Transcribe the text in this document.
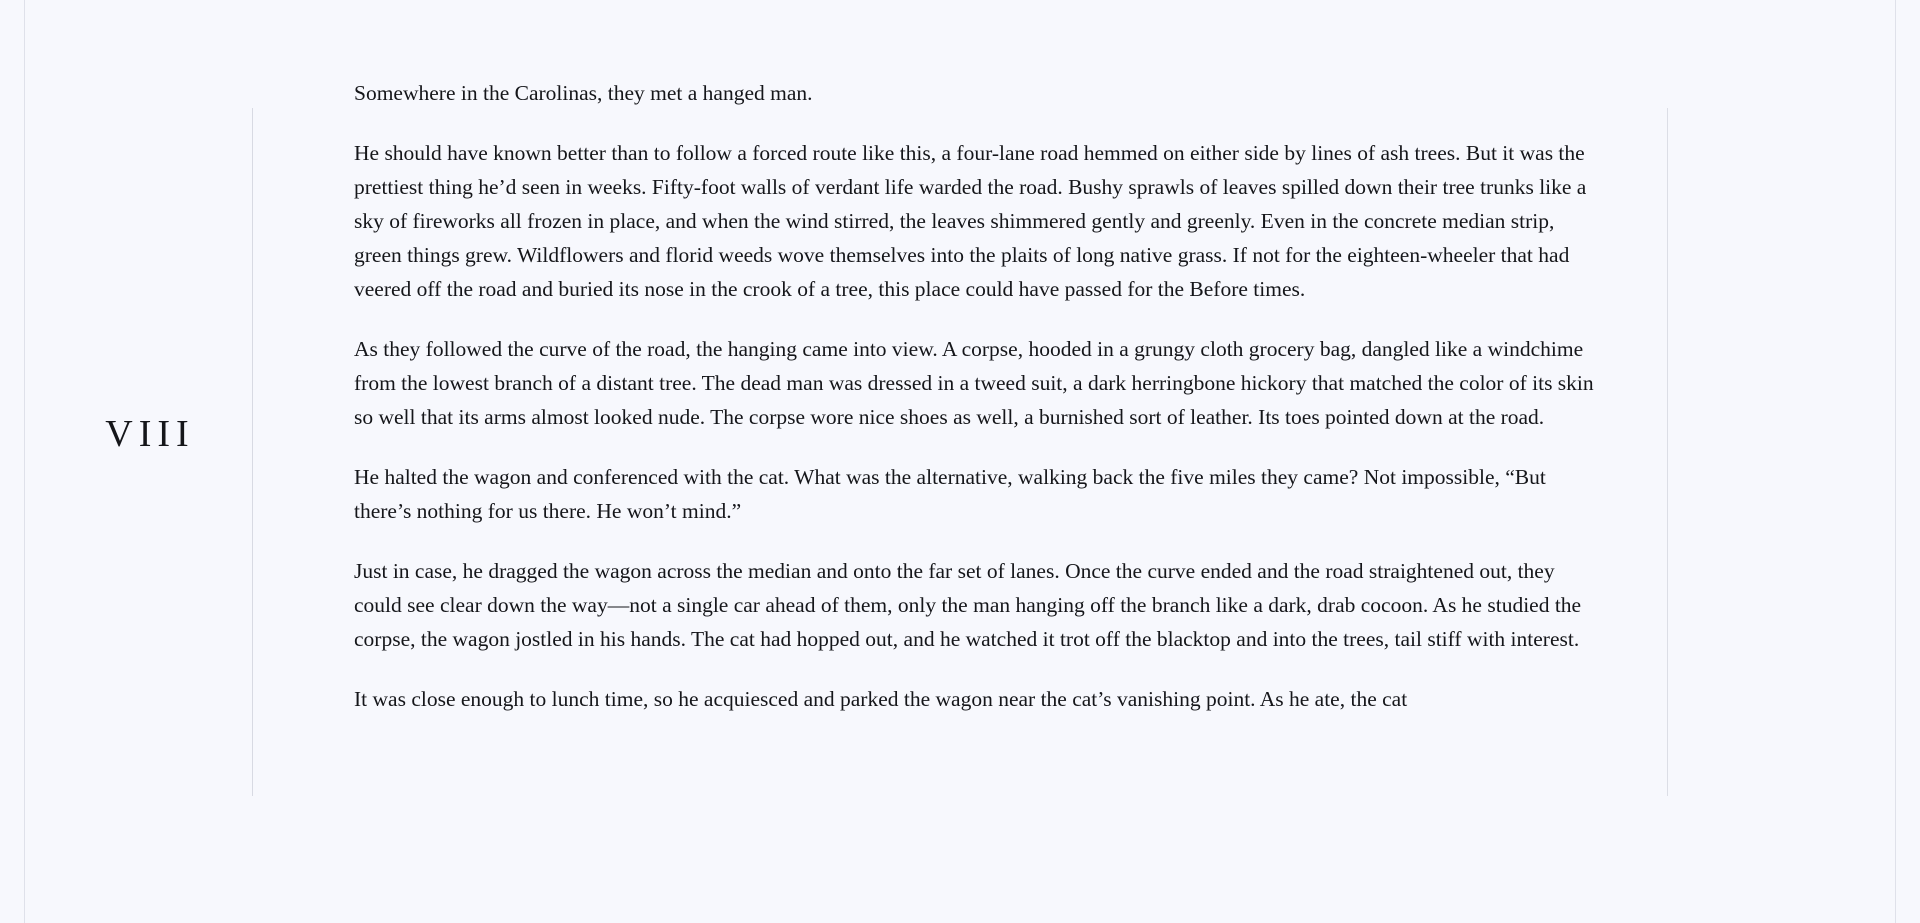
VIII

Somewhere in the Carolinas, they met a hanged man.

He should have known better than to follow a forced route like this, a four-lane road hemmed on either side by lines of ash trees. But it was the prettiest thing he’d seen in weeks. Fifty-foot walls of verdant life warded the road. Bushy sprawls of leaves spilled down their tree trunks like a sky of fireworks all frozen in place, and when the wind stirred, the leaves shimmered gently and greenly. Even in the concrete median strip, green things grew. Wildflowers and florid weeds wove themselves into the plaits of long native grass. If not for the eighteen-wheeler that had veered off the road and buried its nose in the crook of a tree, this place could have passed for the Before times.

As they followed the curve of the road, the hanging came into view. A corpse, hooded in a grungy cloth grocery bag, dangled like a windchime from the lowest branch of a distant tree. The dead man was dressed in a tweed suit, a dark herringbone hickory that matched the color of its skin so well that its arms almost looked nude. The corpse wore nice shoes as well, a burnished sort of leather. Its toes pointed down at the road.

He halted the wagon and conferenced with the cat. What was the alternative, walking back the five miles they came? Not impossible, “But there’s nothing for us there. He won’t mind.”

Just in case, he dragged the wagon across the median and onto the far set of lanes. Once the curve ended and the road straightened out, they could see clear down the way—not a single car ahead of them, only the man hanging off the branch like a dark, drab cocoon. As he studied the corpse, the wagon jostled in his hands. The cat had hopped out, and he watched it trot off the blacktop and into the trees, tail stiff with interest.

It was close enough to lunch time, so he acquiesced and parked the wagon near the cat’s vanishing point. As he ate, the cat
